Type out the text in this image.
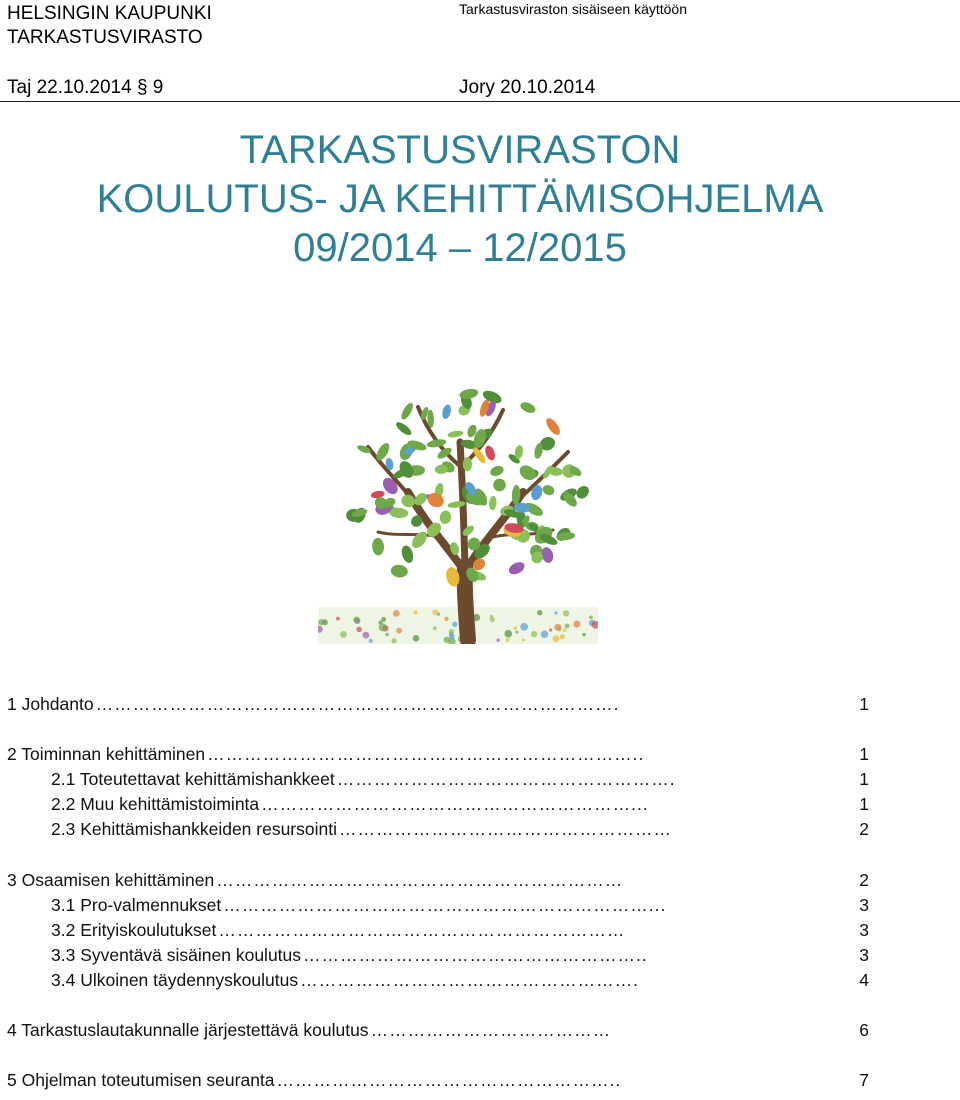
HELSINGIN KAUPUNKI
TARKASTUSVIRASTO
Tarkastusviraston sisäiseen käyttöön
Taj 22.10.2014 § 9	Jory 20.10.2014
TARKASTUSVIRASTON
KOULUTUS- JA KEHITTÄMISOHJELMA
09/2014 – 12/2015
1 Johdanto ………………………………………………………………………….	1
2 Toiminnan kehittäminen ……………………………………………………………..	1
2.1 Toteutettavat kehittämishankkeet ……………………………………………….	1
2.2 Muu kehittämistoiminta ……………………………………………………...	1
2.3 Kehittämishankkeiden resursointi ………………………………………………	2
3 Osaamisen kehittäminen …………………………………………………………	2
3.1 Pro-valmennukset ……………………………………………………………...	3
3.2 Erityiskoulutukset …………………………………………………………	3
3.3 Syventävä sisäinen koulutus ………………………………………………..	3
3.4 Ulkoinen täydennyskoulutus ……………………………………………….	4
4 Tarkastuslautakunnalle järjestettävä koulutus …………………………………	6
5 Ohjelman toteutumisen seuranta ………………………………………………..	7
